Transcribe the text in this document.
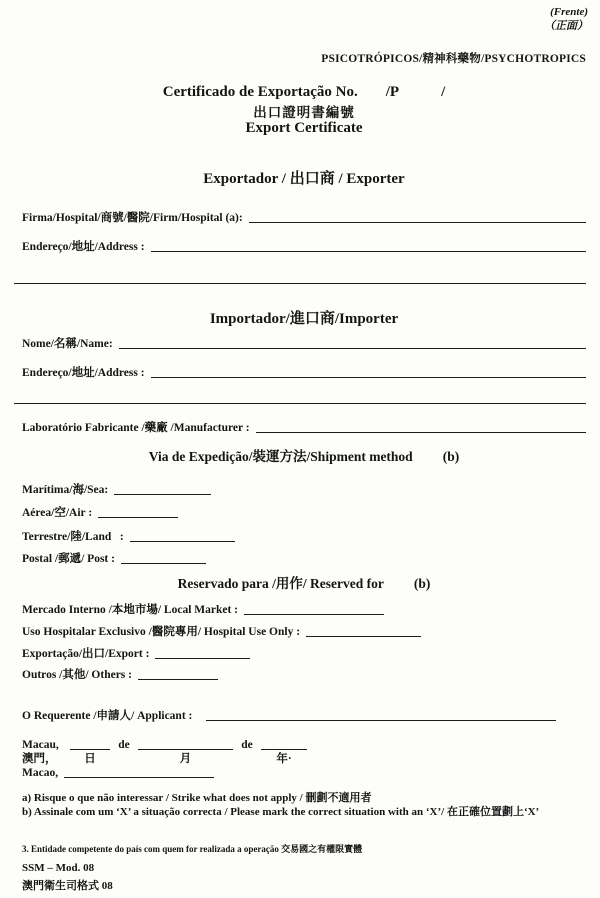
(Frente)
（正面）
PSICOTRÓPICOS/精神科藥物/PSYCHOTROPICS
Certificado de Exportação No. /P	/
出口證明書編號
Export Certificate
Exportador / 出口商 / Exporter
Firma/Hospital/商號/醫院/Firm/Hospital (a):
Endereço/地址/Address :
Importador/進口商/Importer
Nome/名稱/Name:
Endereço/地址/Address :
Laboratório Fabricante /藥廠 /Manufacturer :
Via de Expedição/裝運方法/Shipment method (b)
Marítima/海/Sea:
Aérea/空/Air :
Terrestre/陸/Land   :
Postal /郵遞/ Post :
Reservado para /用作/ Reserved for (b)
Mercado Interno /本地市場/ Local Market :
Uso Hospitalar Exclusivo /醫院專用/ Hospital Use Only :
Exportação/出口/Export :
Outros /其他/ Others :
O Requerente /申請人/ Applicant :
Macau,	de	de
澳門，	日	月	年·
Macao,
a) Risque o que não interessar / Strike what does not apply / 刪劃不適用者
b) Assinale com um ‘X’ a situação correcta / Please mark the correct situation with an ‘X’/ 在正確位置劃上‘X’
3. Entidade competente do país com quem for realizada a operação 交易國之有權限實體
SSM – Mod. 08
澳門衛生司格式 08
